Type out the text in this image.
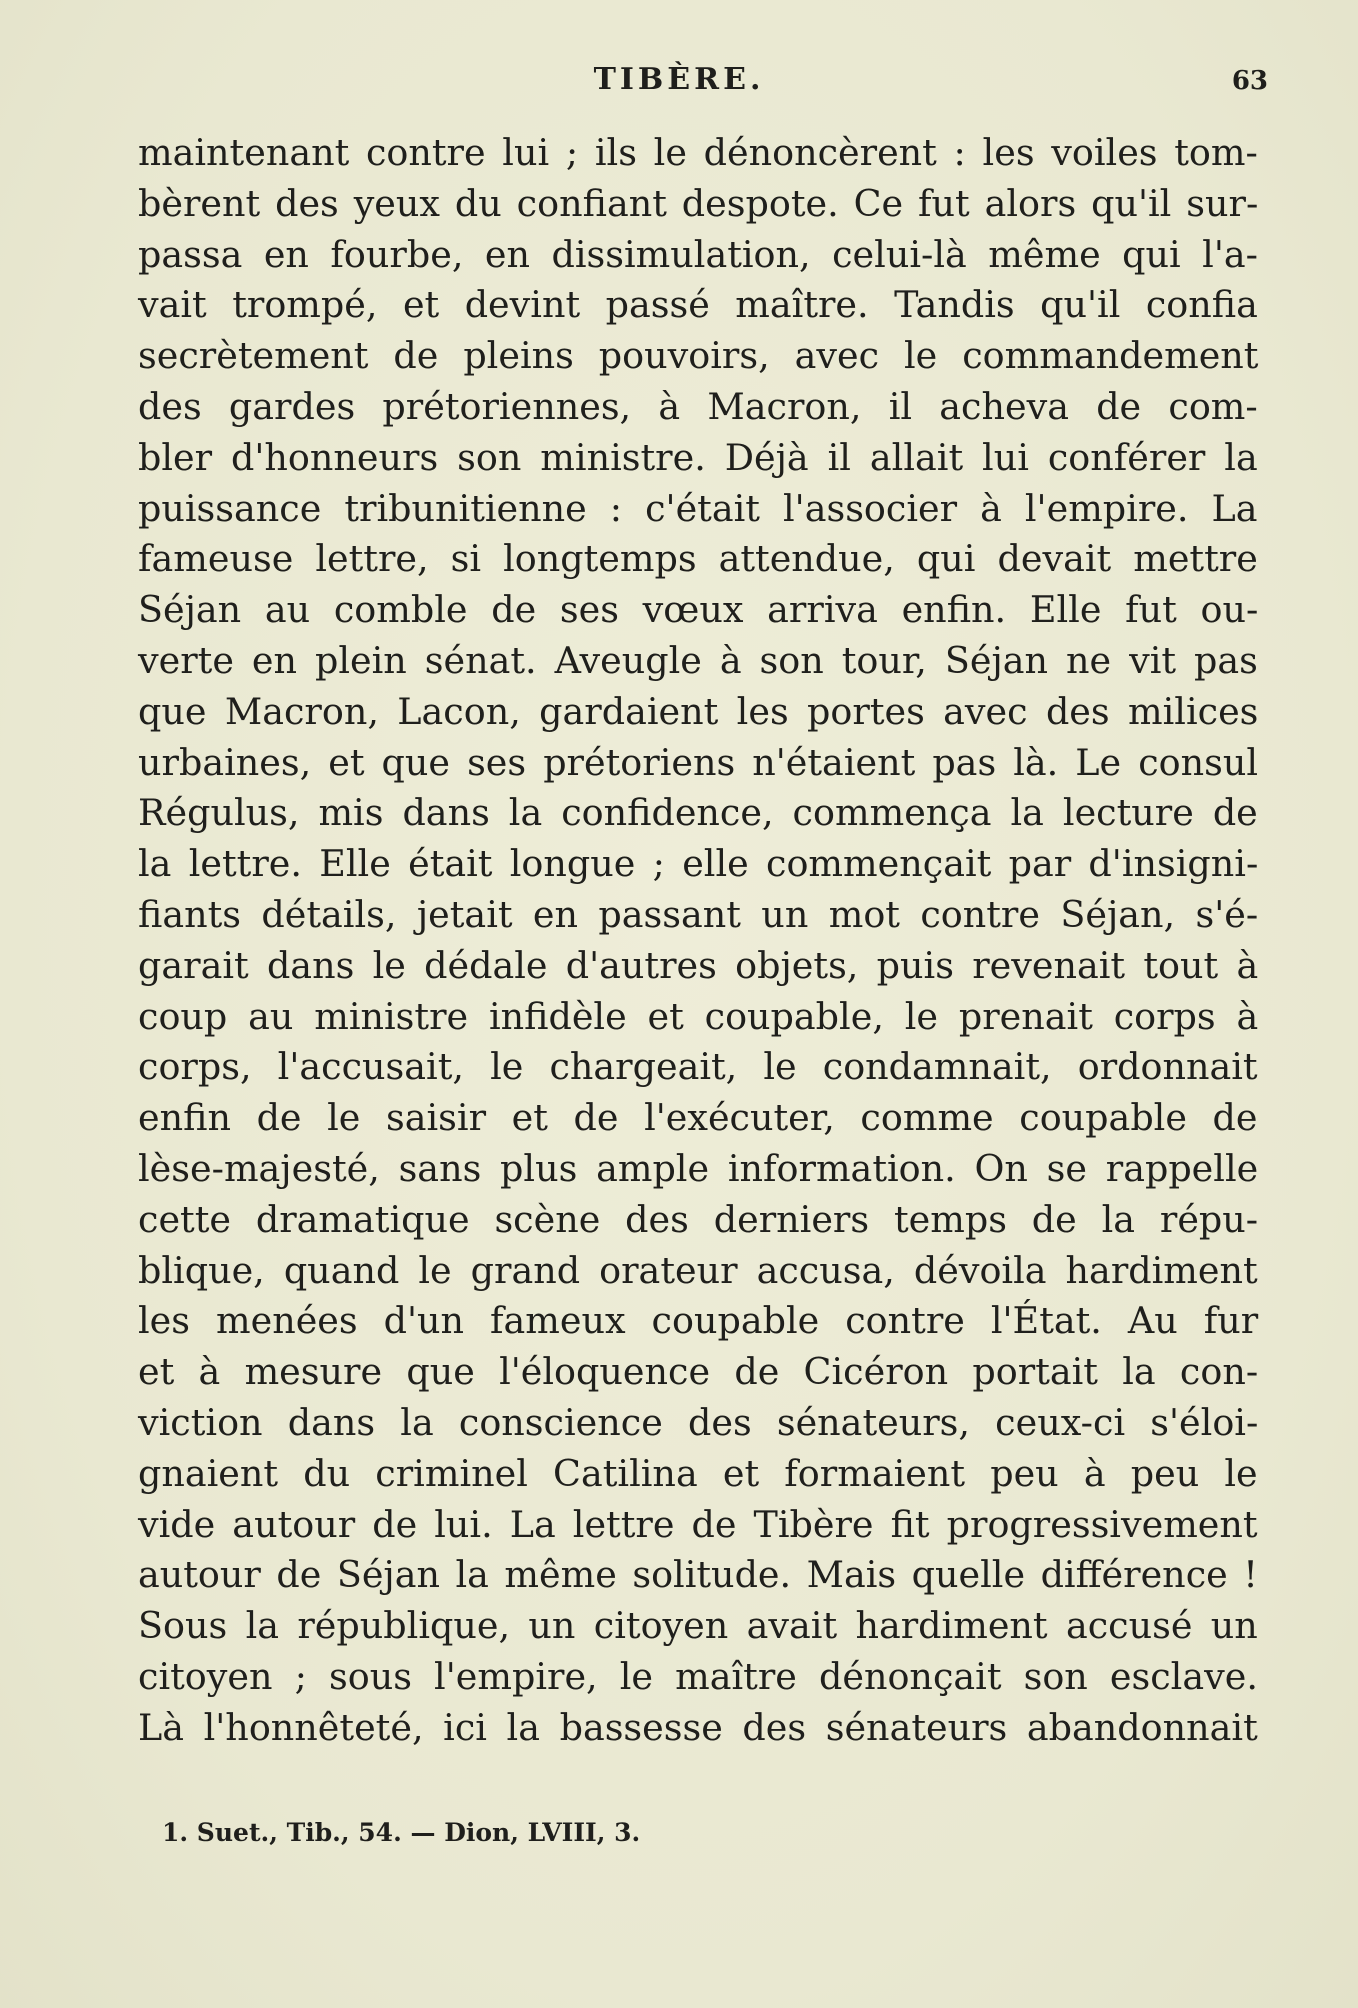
TIBÈRE.	63
maintenant contre lui ; ils le dénoncèrent : les voiles tom-
bèrent des yeux du confiant despote. Ce fut alors qu'il sur-
passa en fourbe, en dissimulation, celui-là même qui l'a-
vait trompé, et devint passé maître. Tandis qu'il confia
secrètement de pleins pouvoirs, avec le commandement
des gardes prétoriennes, à Macron, il acheva de com-
bler d'honneurs son ministre. Déjà il allait lui conférer la
puissance tribunitienne : c'était l'associer à l'empire. La
fameuse lettre, si longtemps attendue, qui devait mettre
Séjan au comble de ses vœux arriva enfin. Elle fut ou-
verte en plein sénat. Aveugle à son tour, Séjan ne vit pas
que Macron, Lacon, gardaient les portes avec des milices
urbaines, et que ses prétoriens n'étaient pas là. Le consul
Régulus, mis dans la confidence, commença la lecture de
la lettre. Elle était longue ; elle commençait par d'insigni-
fiants détails, jetait en passant un mot contre Séjan, s'é-
garait dans le dédale d'autres objets, puis revenait tout à
coup au ministre infidèle et coupable, le prenait corps à
corps, l'accusait, le chargeait, le condamnait, ordonnait
enfin de le saisir et de l'exécuter, comme coupable de
lèse-majesté, sans plus ample information. On se rappelle
cette dramatique scène des derniers temps de la répu-
blique, quand le grand orateur accusa, dévoila hardiment
les menées d'un fameux coupable contre l'État. Au fur
et à mesure que l'éloquence de Cicéron portait la con-
viction dans la conscience des sénateurs, ceux-ci s'éloi-
gnaient du criminel Catilina et formaient peu à peu le
vide autour de lui. La lettre de Tibère fit progressivement
autour de Séjan la même solitude. Mais quelle différence !
Sous la république, un citoyen avait hardiment accusé un
citoyen ; sous l'empire, le maître dénonçait son esclave.
Là l'honnêteté, ici la bassesse des sénateurs abandonnait
1. Suet., Tib., 54. — Dion, LVIII, 3.
